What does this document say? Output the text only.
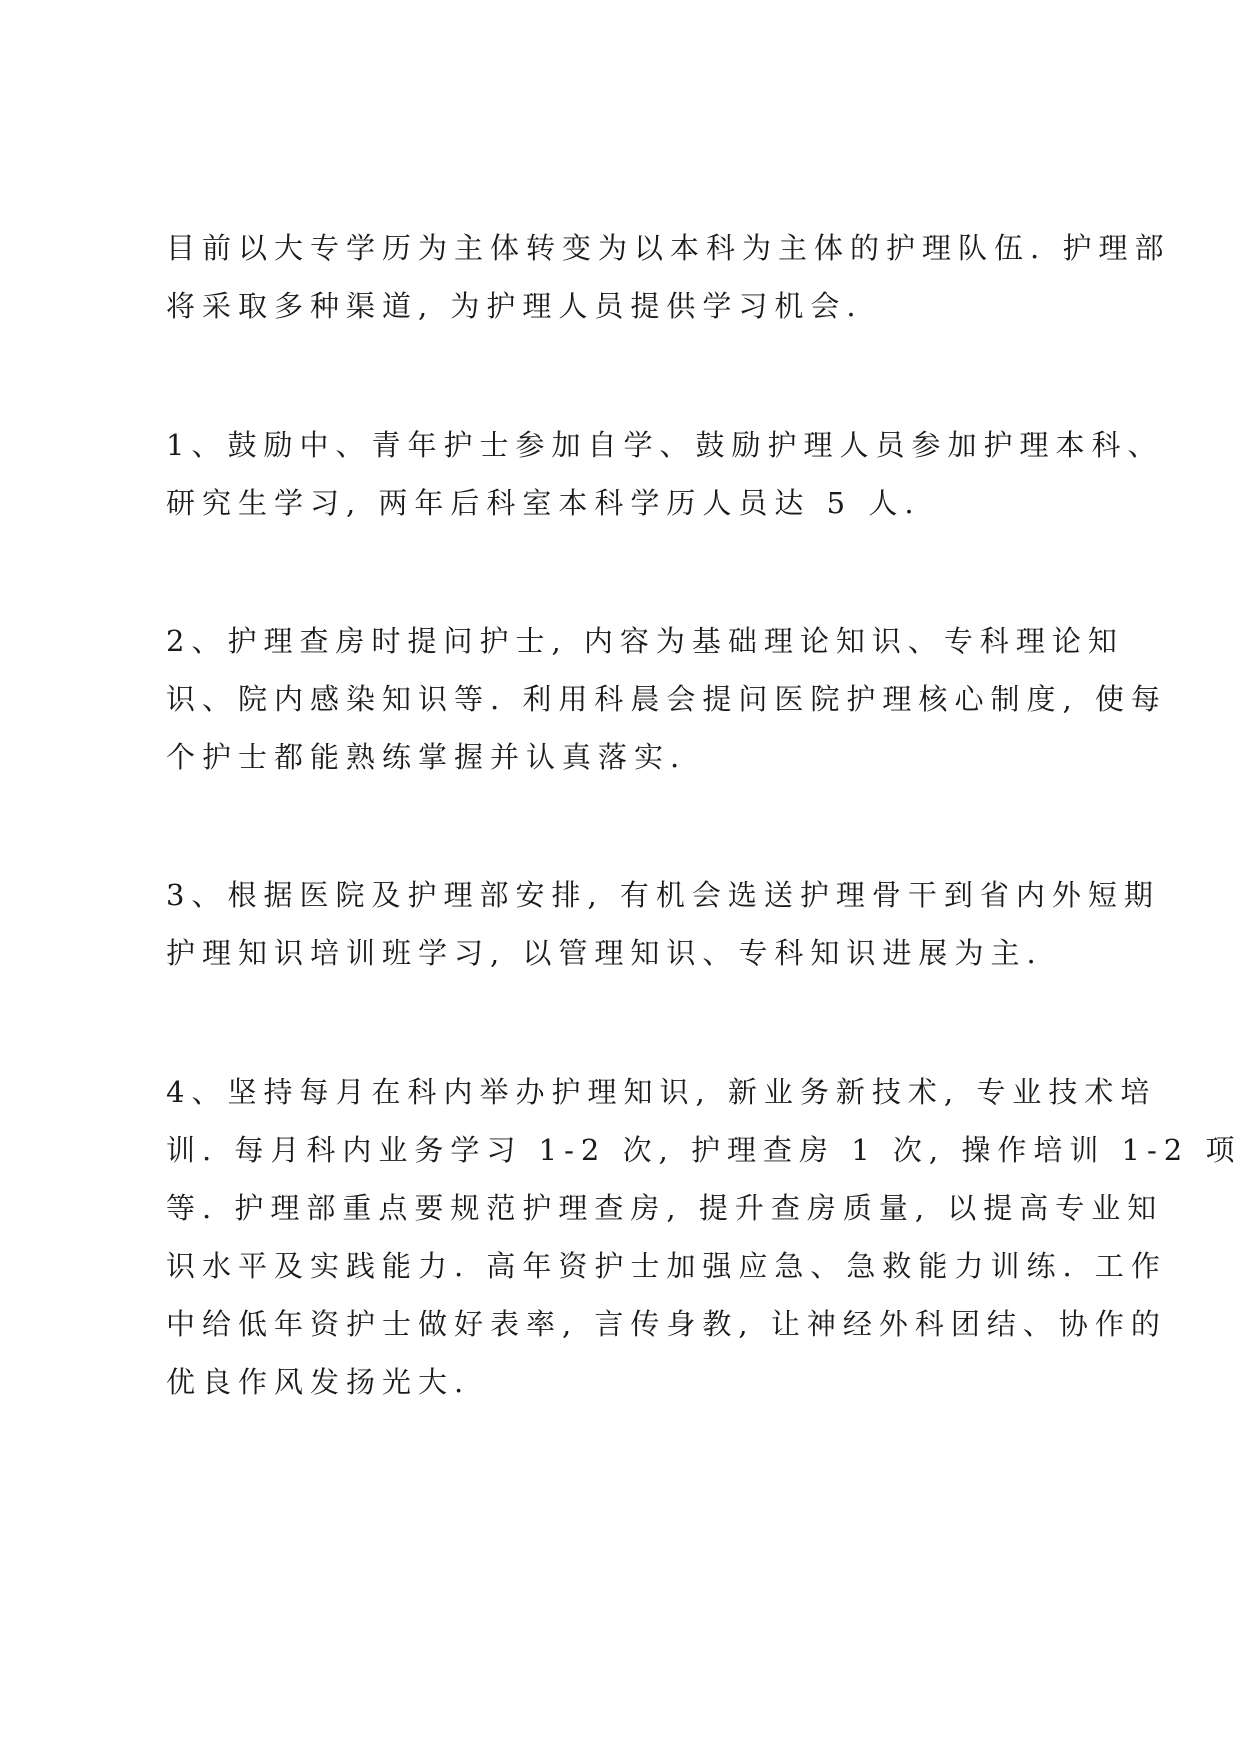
目前以大专学历为主体转变为以本科为主体的护理队伍. 护理部
将采取多种渠道, 为护理人员提供学习机会.
1、鼓励中、青年护士参加自学、鼓励护理人员参加护理本科、
研究生学习, 两年后科室本科学历人员达 5 人.
2、护理查房时提问护士, 内容为基础理论知识、专科理论知
识、院内感染知识等. 利用科晨会提问医院护理核心制度, 使每
个护士都能熟练掌握并认真落实.
3、根据医院及护理部安排, 有机会选送护理骨干到省内外短期
护理知识培训班学习, 以管理知识、专科知识进展为主.
4、坚持每月在科内举办护理知识, 新业务新技术, 专业技术培
训. 每月科内业务学习 1-2 次, 护理查房 1 次, 操作培训 1-2 项
等. 护理部重点要规范护理查房, 提升查房质量, 以提高专业知
识水平及实践能力. 高年资护士加强应急、急救能力训练. 工作
中给低年资护士做好表率, 言传身教, 让神经外科团结、协作的
优良作风发扬光大.
